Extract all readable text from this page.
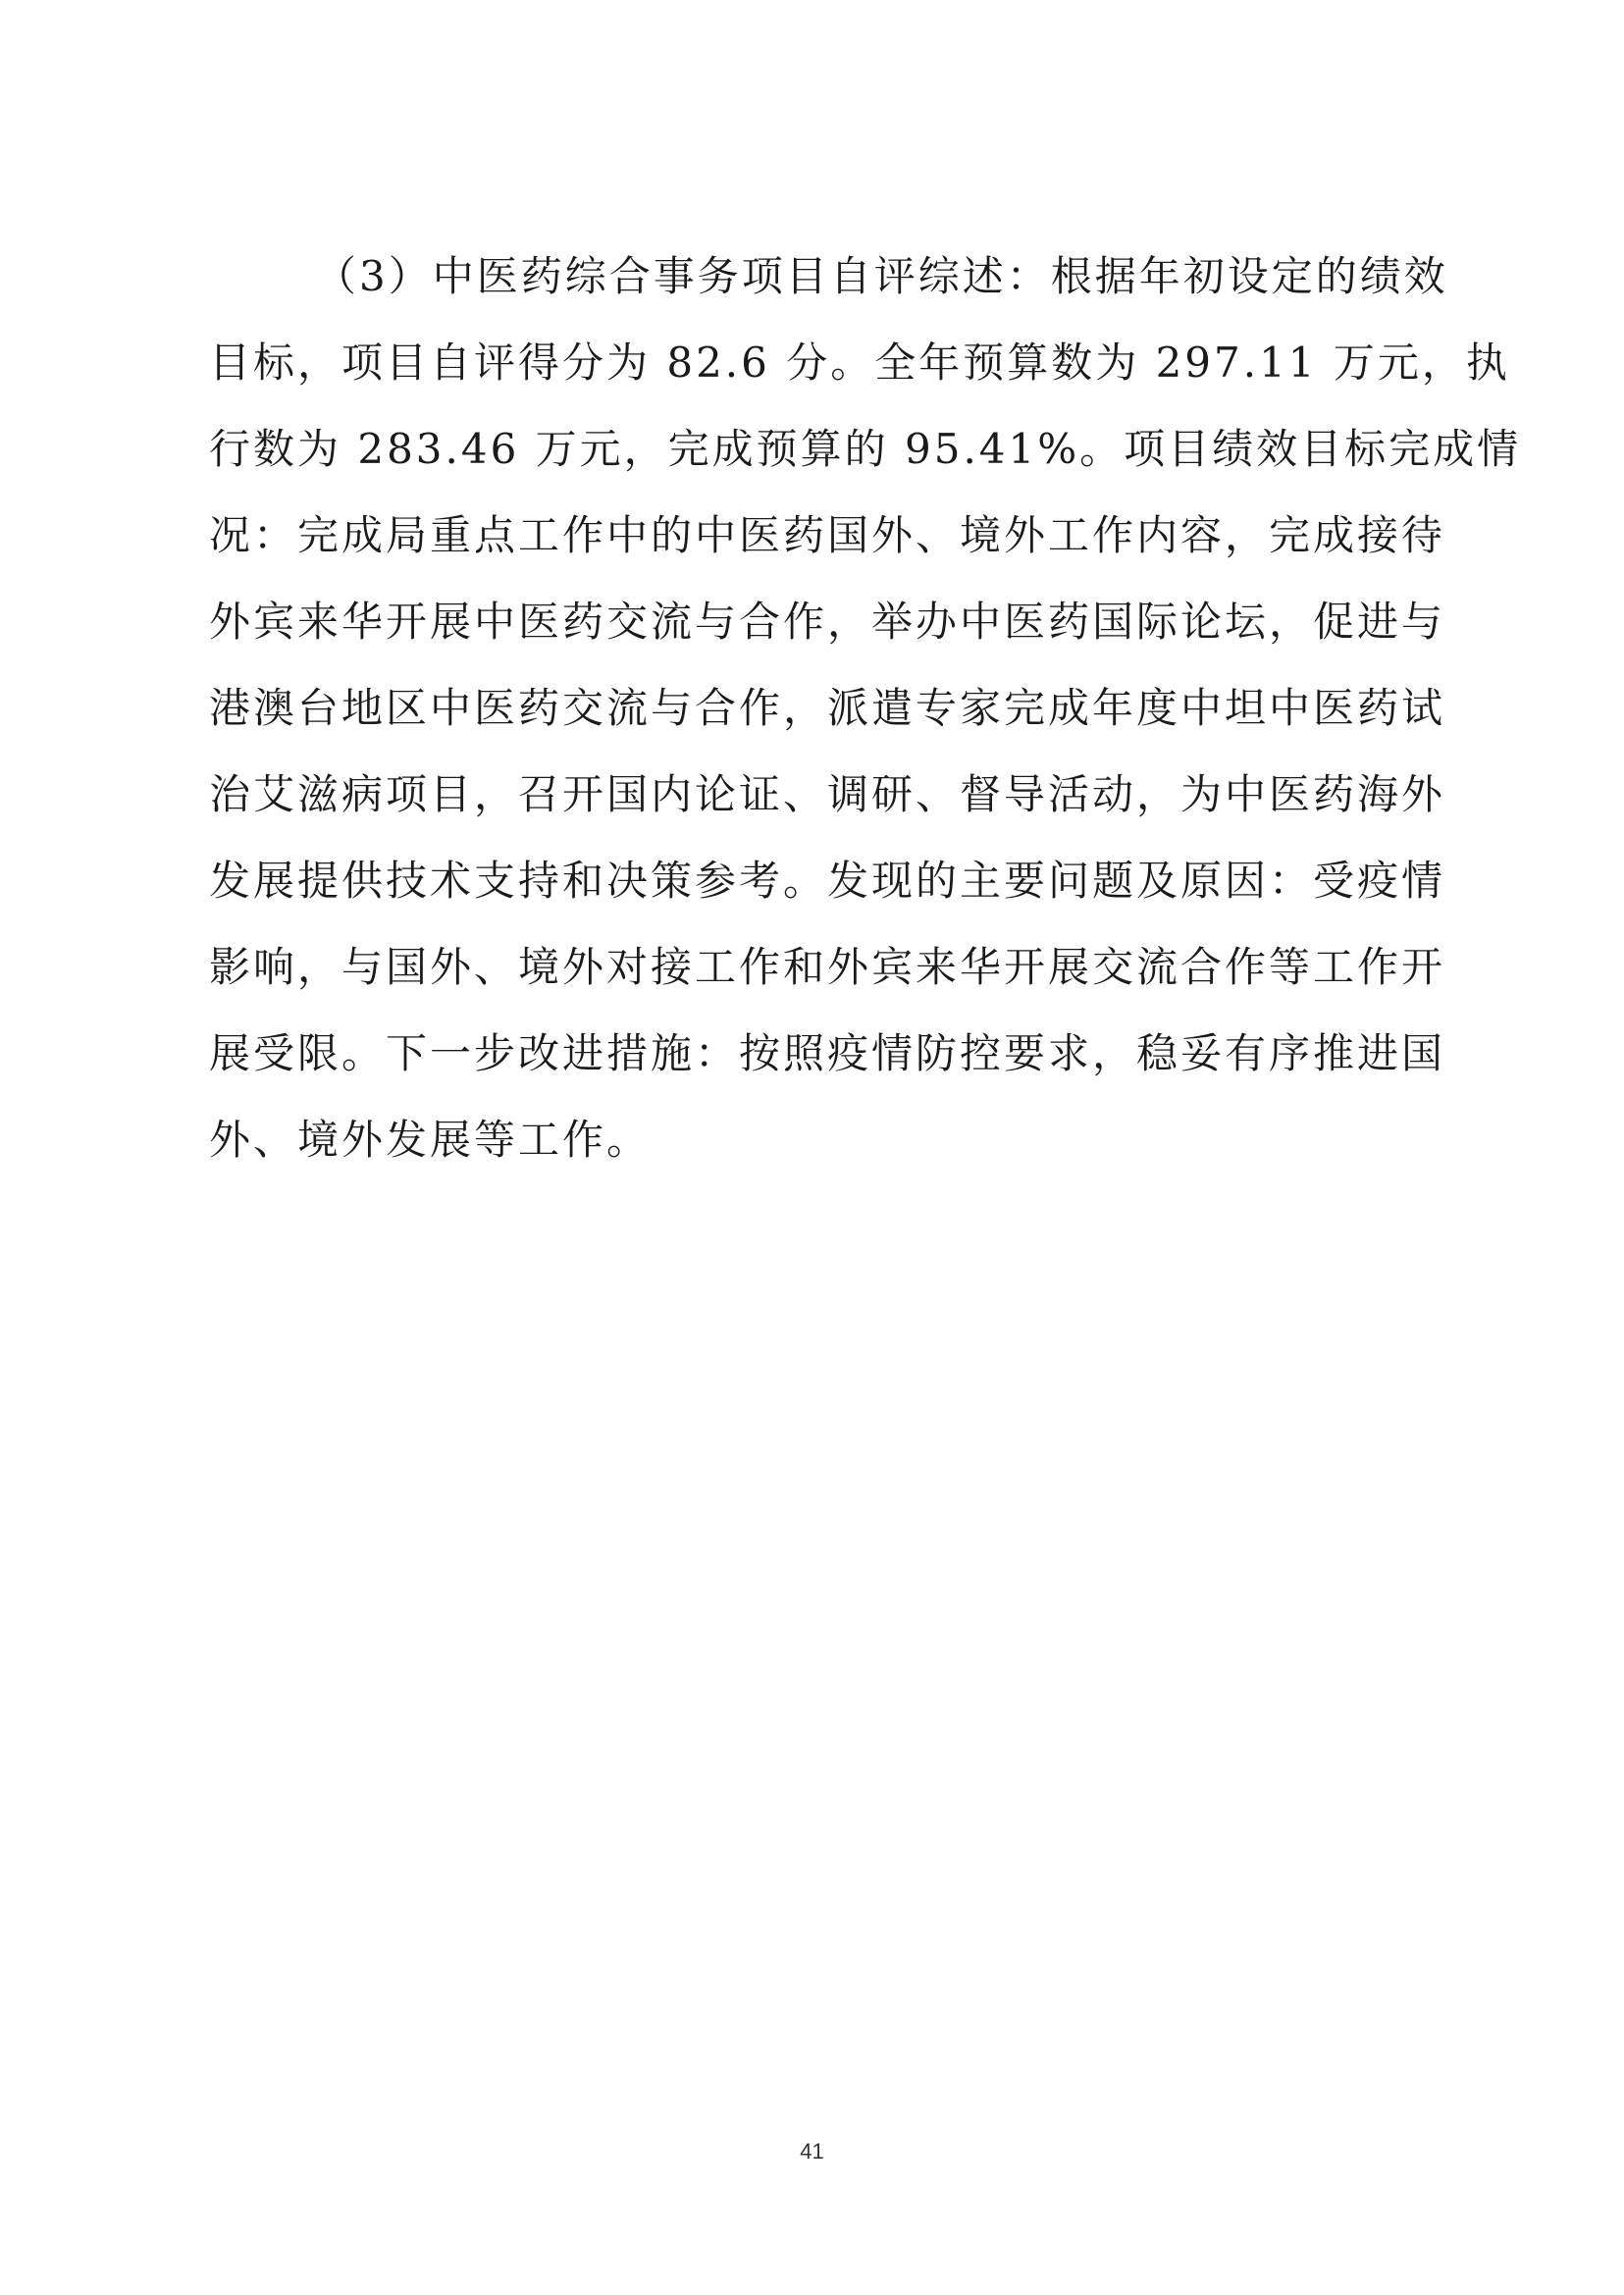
（3）中医药综合事务项目自评综述：根据年初设定的绩效
目标，项目自评得分为 82.6 分。全年预算数为 297.11 万元，执
行数为 283.46 万元，完成预算的 95.41%。项目绩效目标完成情
况：完成局重点工作中的中医药国外、境外工作内容，完成接待
外宾来华开展中医药交流与合作，举办中医药国际论坛，促进与
港澳台地区中医药交流与合作，派遣专家完成年度中坦中医药试
治艾滋病项目，召开国内论证、调研、督导活动，为中医药海外
发展提供技术支持和决策参考。发现的主要问题及原因：受疫情
影响，与国外、境外对接工作和外宾来华开展交流合作等工作开
展受限。下一步改进措施：按照疫情防控要求，稳妥有序推进国
外、境外发展等工作。
41
